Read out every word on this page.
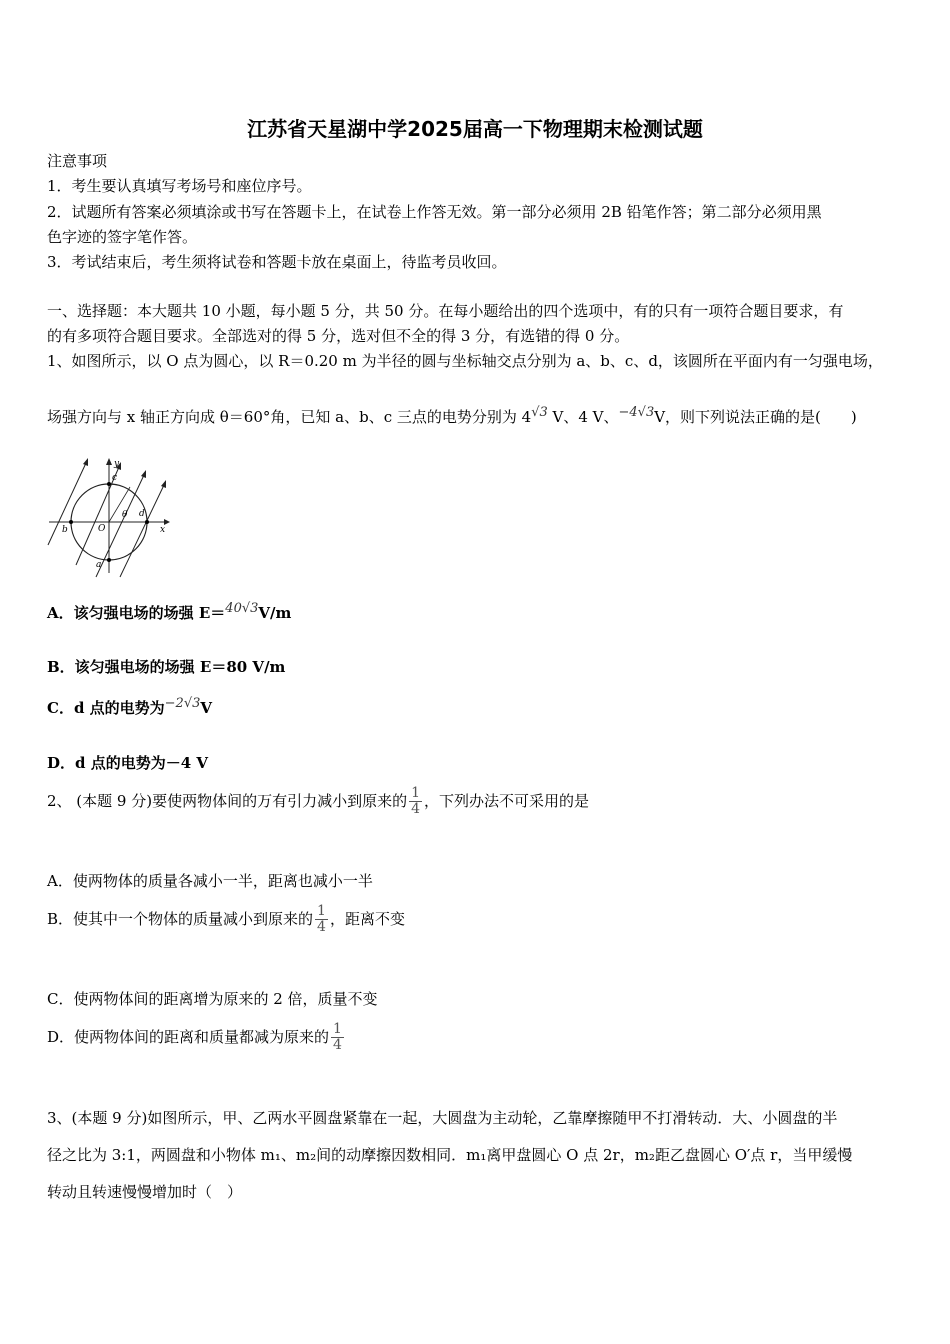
江苏省天星湖中学2025届高一下物理期末检测试题
注意事项
1．考生要认真填写考场号和座位序号。
2．试题所有答案必须填涂或书写在答题卡上，在试卷上作答无效。第一部分必须用 2B 铅笔作答；第二部分必须用黑
色字迹的签字笔作答。
3．考试结束后，考生须将试卷和答题卡放在桌面上，待监考员收回。
一、选择题：本大题共 10 小题，每小题 5 分，共 50 分。在每小题给出的四个选项中，有的只有一项符合题目要求，有
的有多项符合题目要求。全部选对的得 5 分，选对但不全的得 3 分，有选错的得 0 分。
1、如图所示，以 O 点为圆心，以 R＝0.20 m 为半径的圆与坐标轴交点分别为 a、b、c、d，该圆所在平面内有一匀强电场，
场强方向与 x 轴正方向成 θ＝60°角，已知 a、b、c 三点的电势分别为 4√3 V、4 V、−4√3V，则下列说法正确的是(　　)
y
c
θ d
b	O	x
a
A．该匀强电场的场强 E＝40√3V/m
B．该匀强电场的场强 E＝80 V/m
C．d 点的电势为−2√3V
D．d 点的电势为－4 V
2、 (本题 9 分)要使两物体间的万有引力减小到原来的 $\frac{1}{4}$ ，下列办法不可采用的是
A．使两物体的质量各减小一半，距离也减小一半
B．使其中一个物体的质量减小到原来的 $\frac{1}{4}$ ，距离不变
C．使两物体间的距离增为原来的 2 倍，质量不变
D．使两物体间的距离和质量都减为原来的 $\frac{1}{4}$
3、(本题 9 分)如图所示，甲、乙两水平圆盘紧靠在一起，大圆盘为主动轮，乙靠摩擦随甲不打滑转动．大、小圆盘的半
径之比为 3:1，两圆盘和小物体 m₁、m₂间的动摩擦因数相同．m₁离甲盘圆心 O 点 2r，m₂距乙盘圆心 O′点 r，当甲缓慢
转动且转速慢慢增加时（　）
